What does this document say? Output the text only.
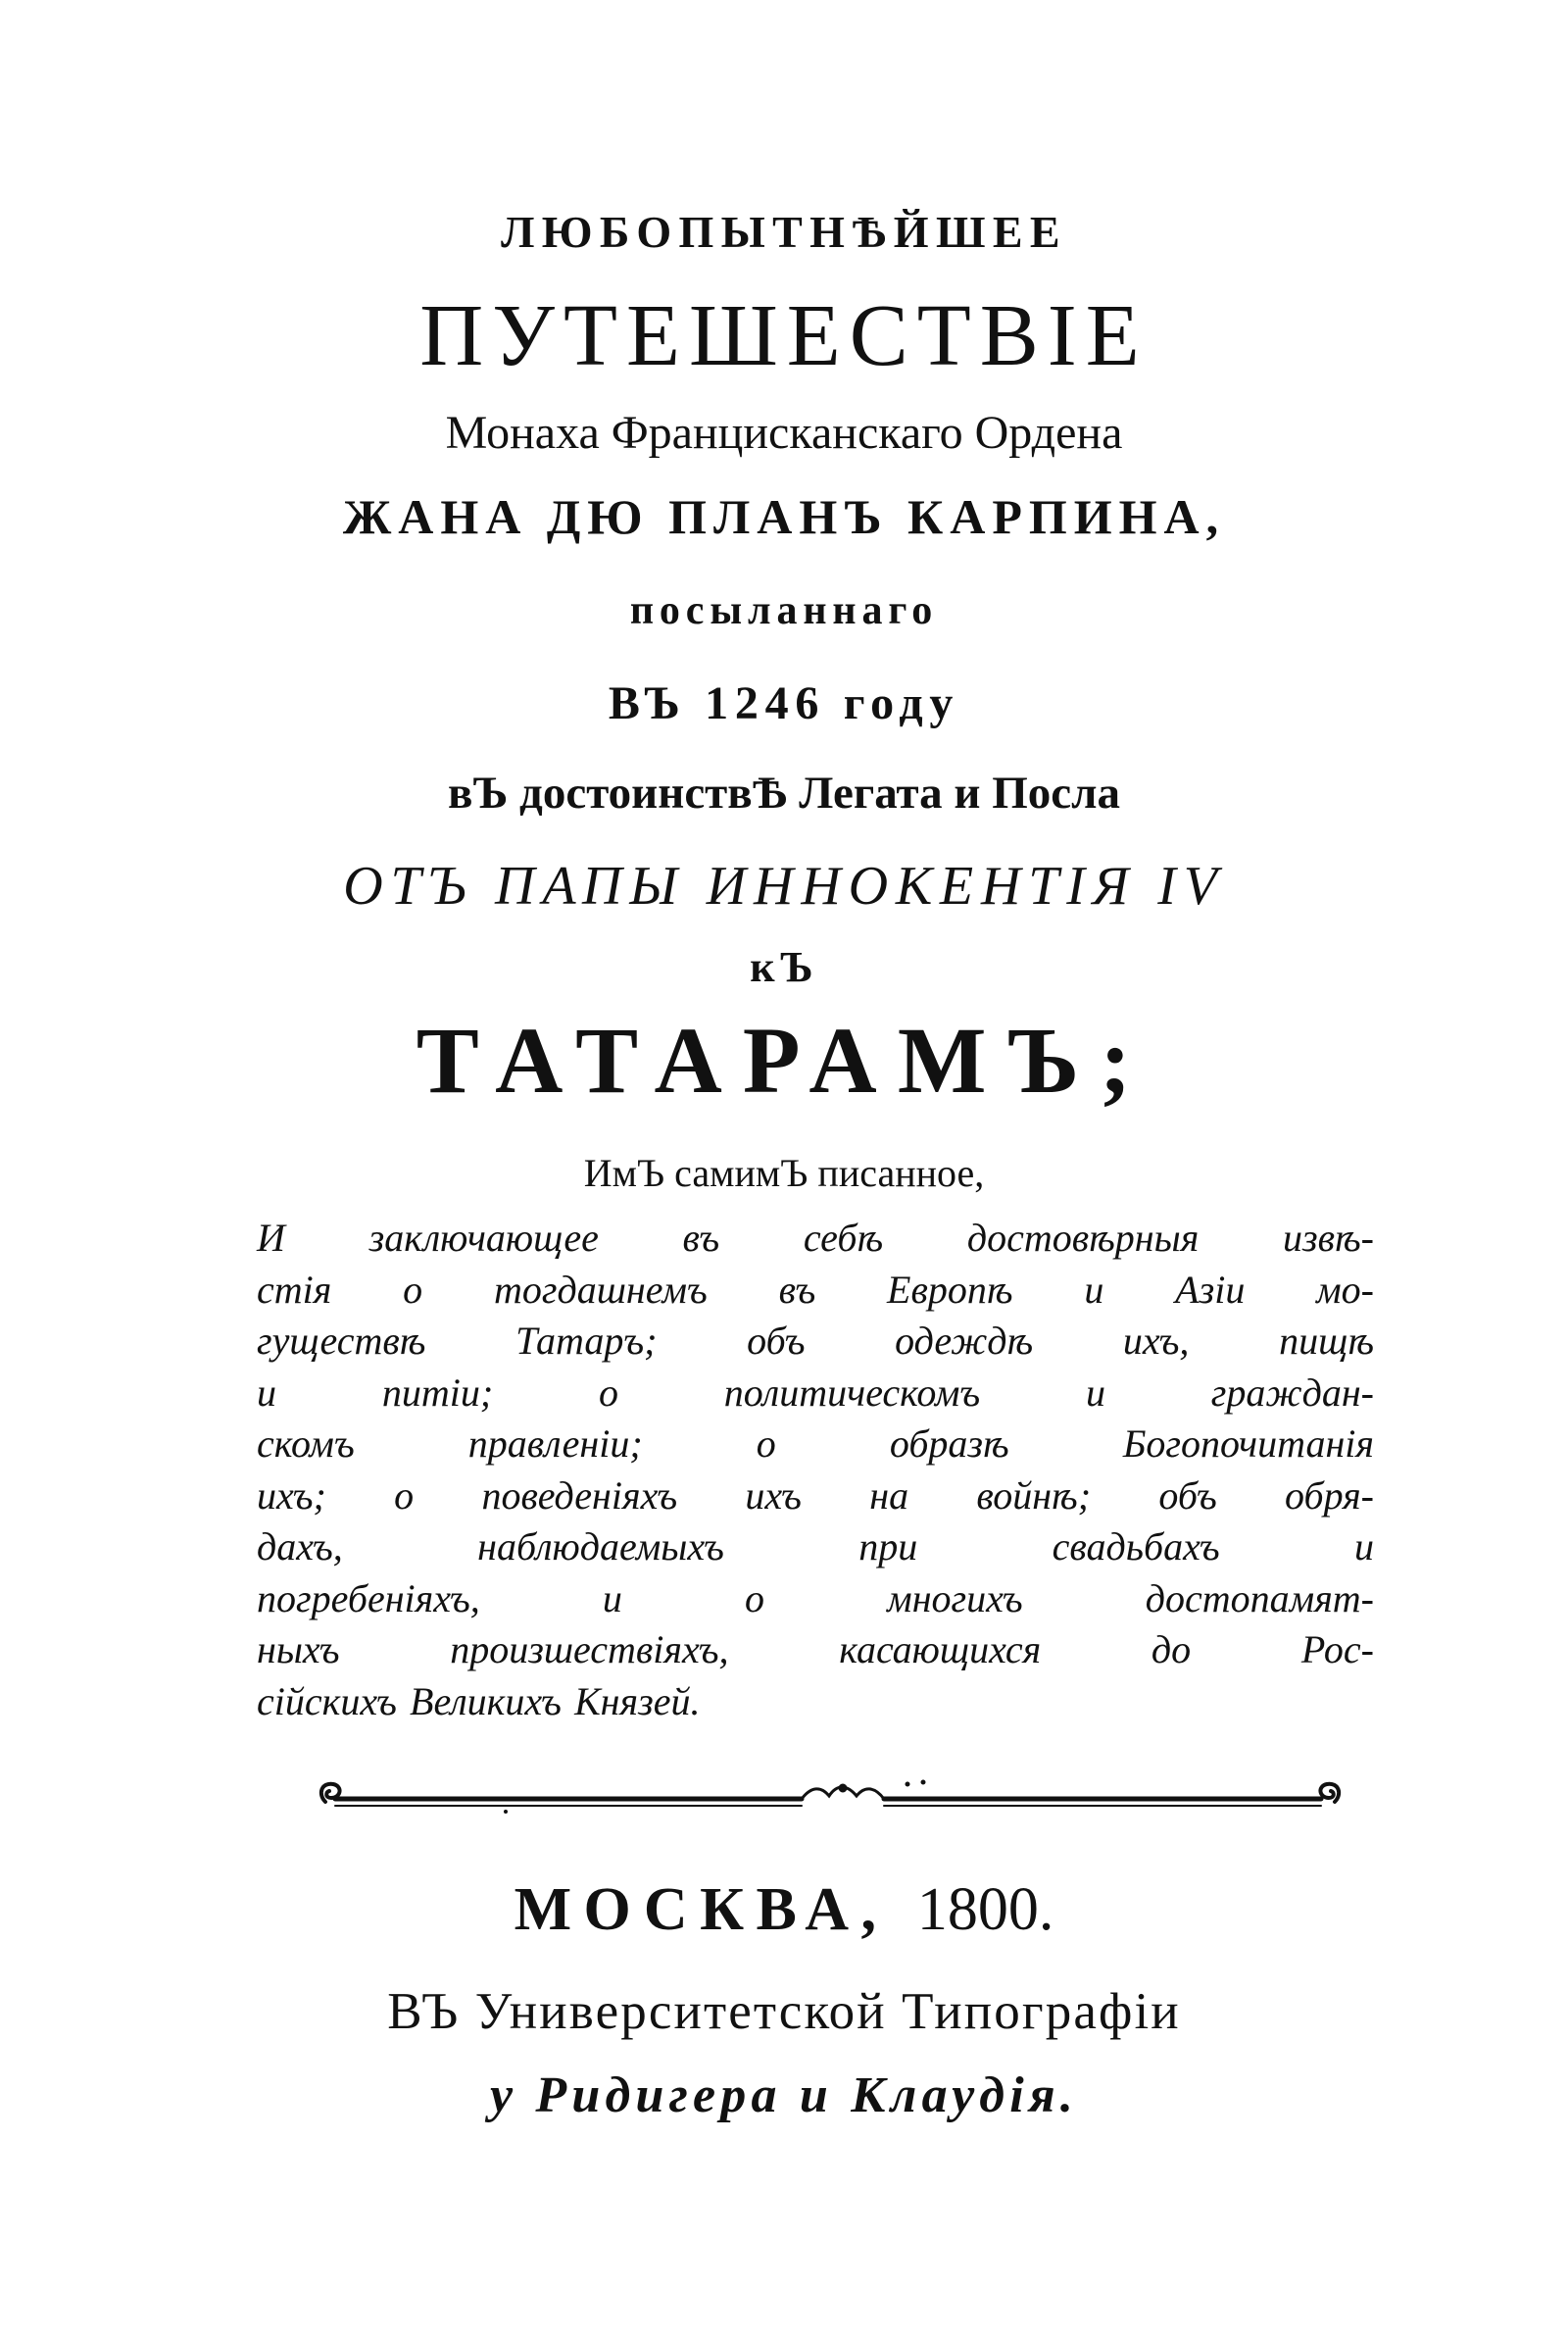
ЛЮБОПЫТНѢЙШЕЕ
ПУТЕШЕСТВІЕ
Монаха Францисканскаго Ордена
ЖАНА ДЮ ПЛАНЪ КАРПИНА,
посыланнаго
ВЪ 1246 году
вЪ достоинствѢ Легата и Посла
ОТЪ ПАПЫ ИННОКЕНТІЯ IV
кЪ
ТАТАРАМЪ;
ИмЪ самимЪ писанное,
И заключающее въ себѣ достовѣрныя извѣ-
стія о тогдашнемъ въ Европѣ и Азіи мо-
гуществѣ Татаръ; объ одеждѣ ихъ, пищѣ
и питіи; о политическомъ и граждан-
скомъ правленіи; о образѣ Богопочитанія
ихъ; о поведеніяхъ ихъ на войнѣ; объ обря-
дахъ, наблюдаемыхъ при свадьбахъ и
погребеніяхъ, и о многихъ достопамят-
ныхъ произшествіяхъ, касающихся до Рос-
сійскихъ Великихъ Князей.
МОСКВА, 1800.
ВЪ Университетской Типографіи
у Ридигера и Клаудія.
